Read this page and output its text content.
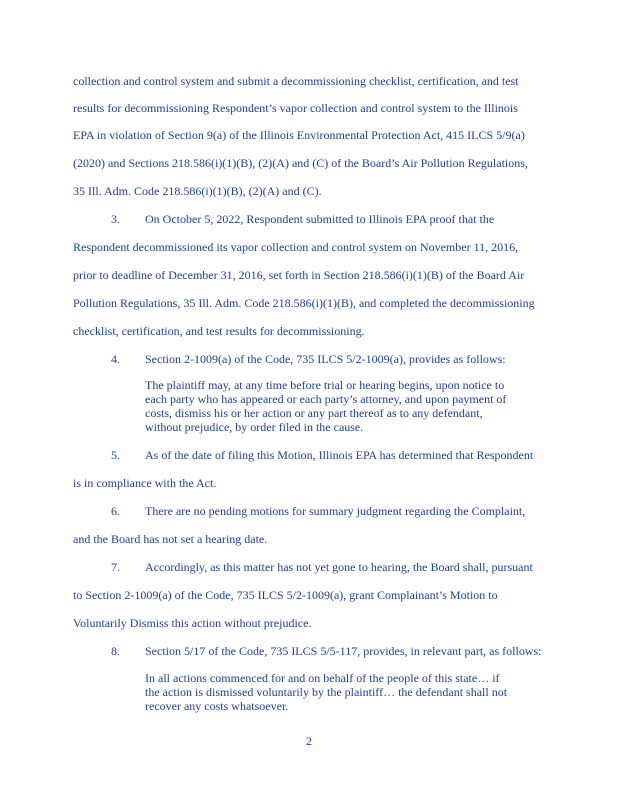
collection and control system and submit a decommissioning checklist, certification, and test
results for decommissioning Respondent’s vapor collection and control system to the Illinois
EPA in violation of Section 9(a) of the Illinois Environmental Protection Act, 415 ILCS 5/9(a)
(2020) and Sections 218.586(i)(1)(B), (2)(A) and (C) of the Board’s Air Pollution Regulations,
35 Ill. Adm. Code 218.586(i)(1)(B), (2)(A) and (C).
3. On October 5, 2022, Respondent submitted to Illinois EPA proof that the
Respondent decommissioned its vapor collection and control system on November 11, 2016,
prior to deadline of December 31, 2016, set forth in Section 218.586(i)(1)(B) of the Board Air
Pollution Regulations, 35 Ill. Adm. Code 218.586(i)(1)(B), and completed the decommissioning
checklist, certification, and test results for decommissioning.
4. Section 2-1009(a) of the Code, 735 ILCS 5/2-1009(a), provides as follows:
The plaintiff may, at any time before trial or hearing begins, upon notice to
each party who has appeared or each party’s attorney, and upon payment of
costs, dismiss his or her action or any part thereof as to any defendant,
without prejudice, by order filed in the cause.
5. As of the date of filing this Motion, Illinois EPA has determined that Respondent
is in compliance with the Act.
6. There are no pending motions for summary judgment regarding the Complaint,
and the Board has not set a hearing date.
7. Accordingly, as this matter has not yet gone to hearing, the Board shall, pursuant
to Section 2-1009(a) of the Code, 735 ILCS 5/2-1009(a), grant Complainant’s Motion to
Voluntarily Dismiss this action without prejudice.
8. Section 5/17 of the Code, 735 ILCS 5/5-117, provides, in relevant part, as follows:
In all actions commenced for and on behalf of the people of this state… if
the action is dismissed voluntarily by the plaintiff… the defendant shall not
recover any costs whatsoever.
2
